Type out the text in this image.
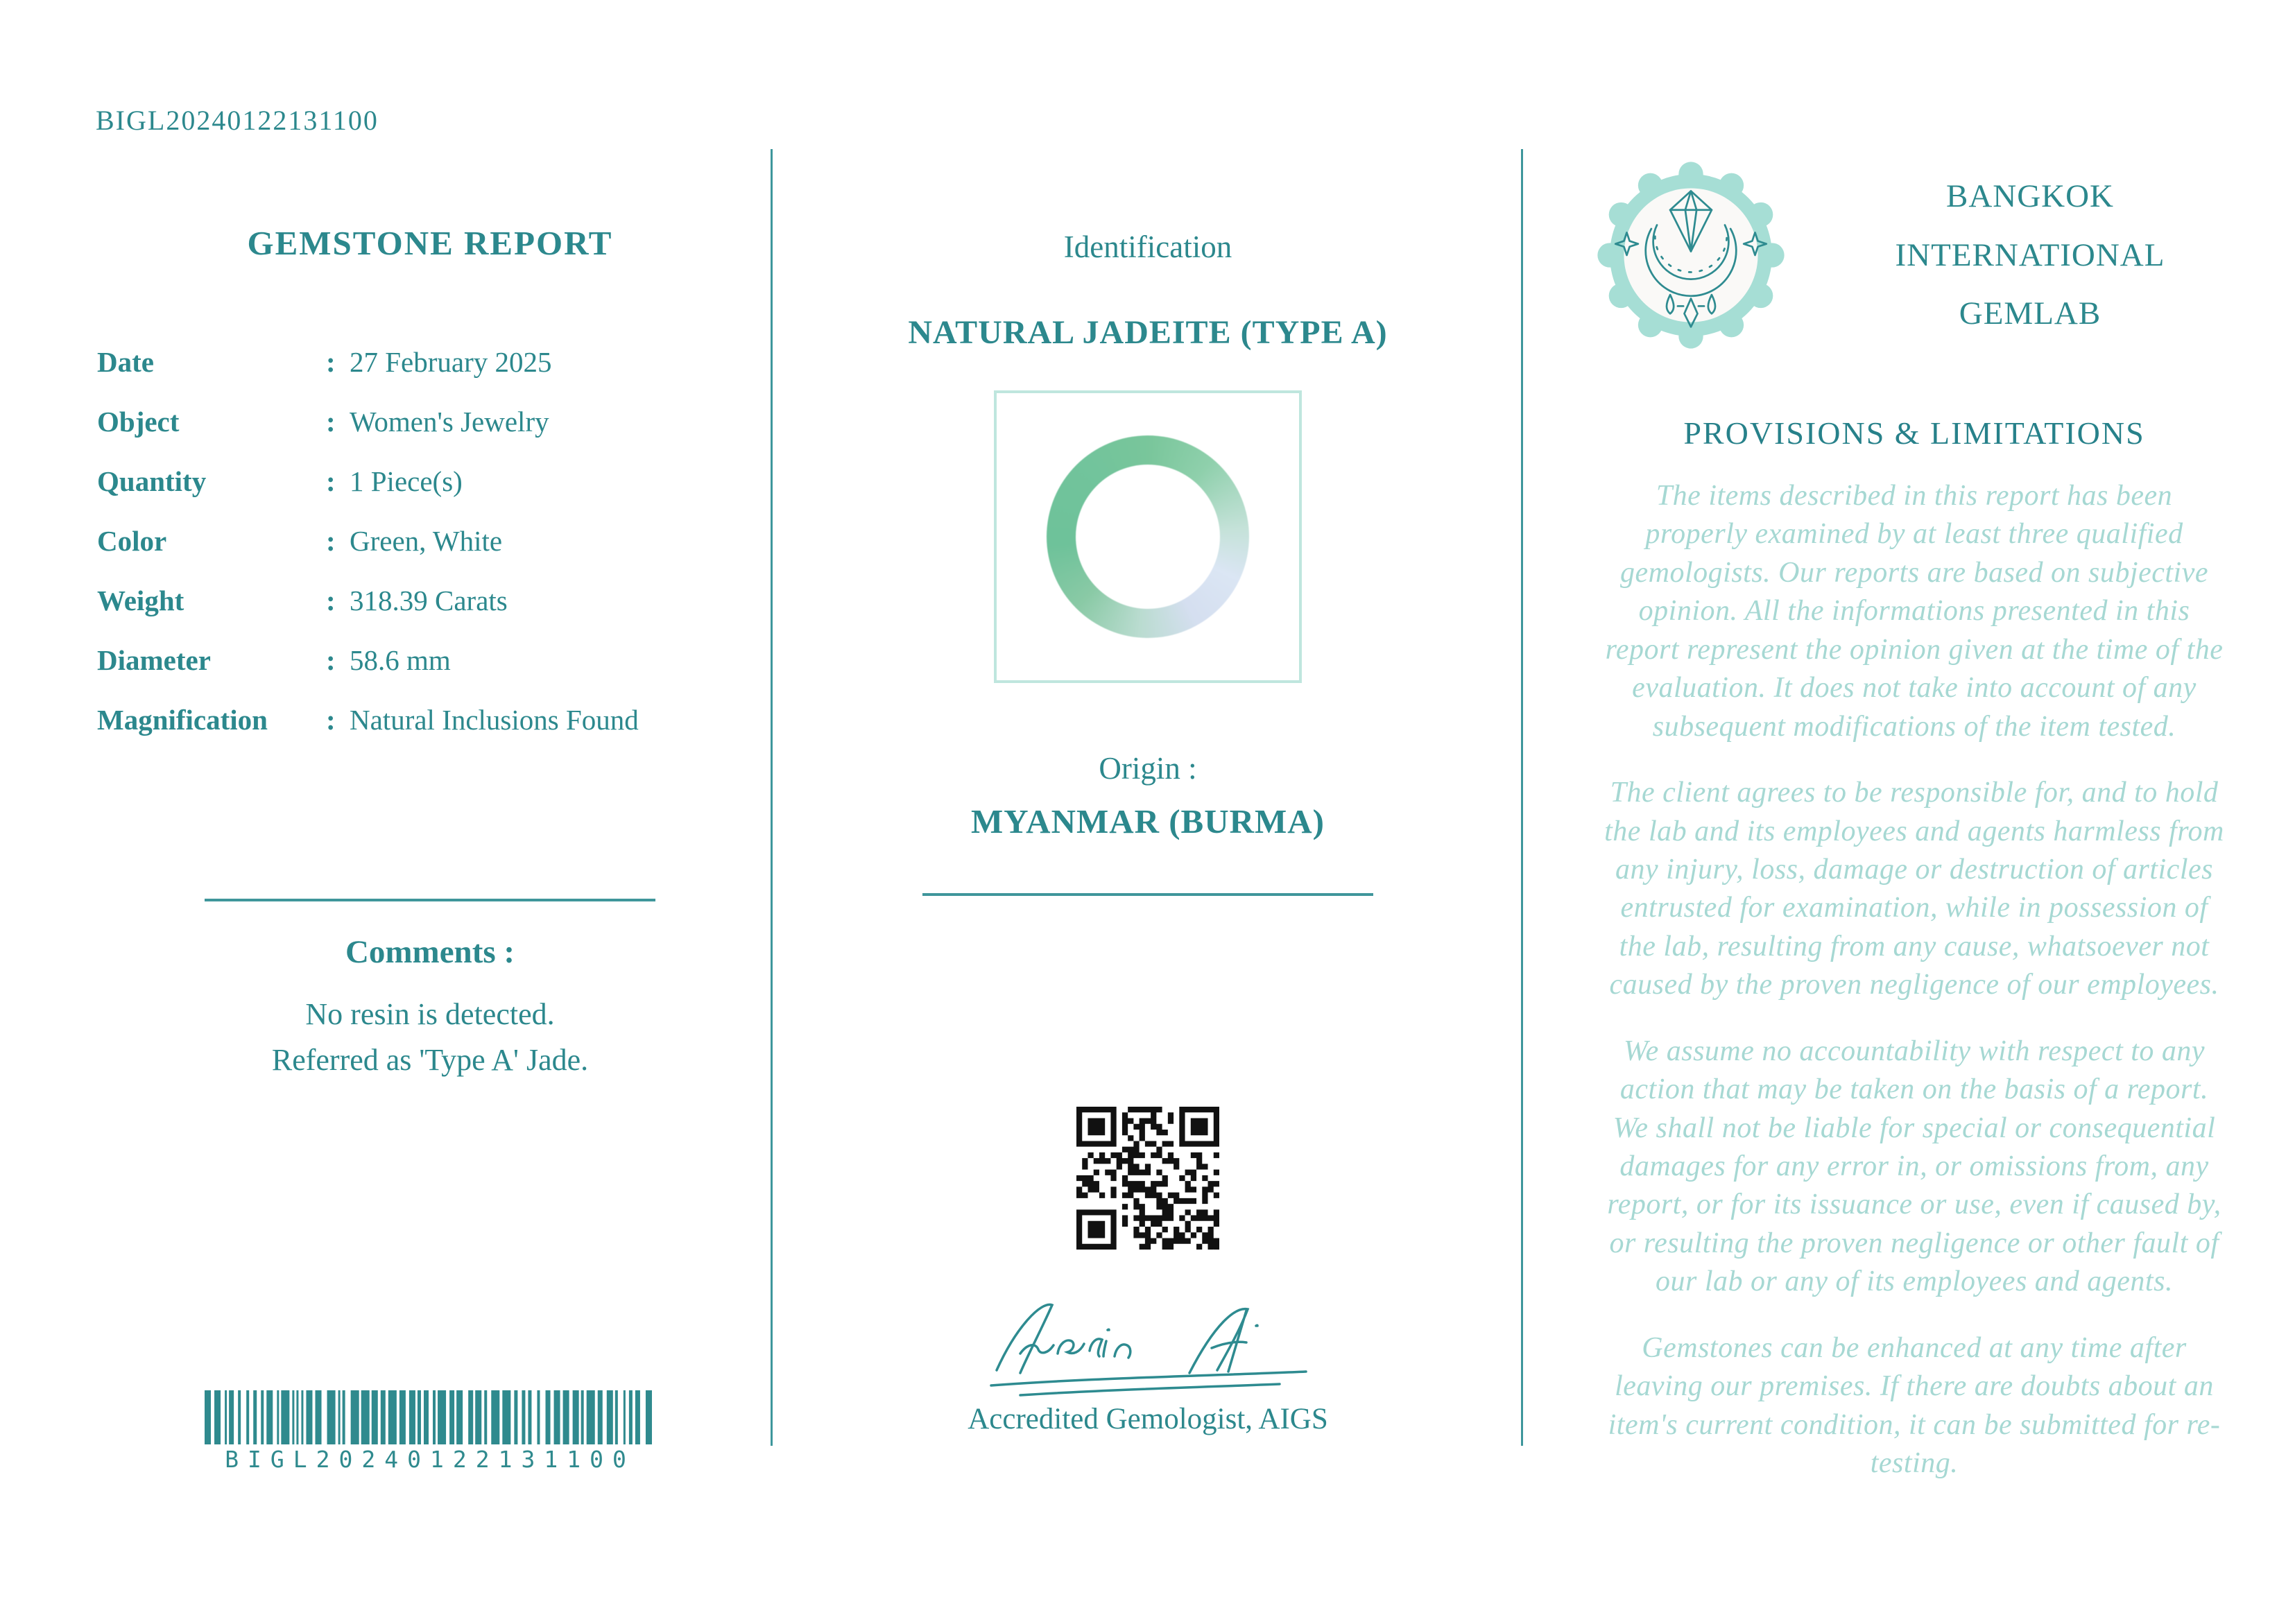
BIGL20240122131100
GEMSTONE REPORT
Date	: 27 February 2025
Object	: Women's Jewelry
Quantity	: 1 Piece(s)
Color	: Green, White
Weight	: 318.39 Carats
Diameter	: 58.6 mm
Magnification	: Natural Inclusions Found
Comments :
No resin is detected.
Referred as 'Type A' Jade.
BIGL20240122131100
Identification
NATURAL JADEITE (TYPE A)
Origin :
MYANMAR (BURMA)
Accredited Gemologist, AIGS
BANGKOK
INTERNATIONAL
GEMLAB
PROVISIONS & LIMITATIONS

The items described in this report has been properly examined by at least three qualified gemologists. Our reports are based on subjective opinion. All the informations presented in this report represent the opinion given at the time of the evaluation. It does not take into account of any subsequent modifications of the item tested.

The client agrees to be responsible for, and to hold the lab and its employees and agents harmless from any injury, loss, damage or destruction of articles entrusted for examination, while in possession of the lab, resulting from any cause, whatsoever not caused by the proven negligence of our employees.

We assume no accountability with respect to any action that may be taken on the basis of a report. We shall not be liable for special or consequential damages for any error in, or omissions from, any report, or for its issuance or use, even if caused by, or resulting the proven negligence or other fault of our lab or any of its employees and agents.

Gemstones can be enhanced at any time after leaving our premises. If there are doubts about an item's current condition, it can be submitted for re-testing.
